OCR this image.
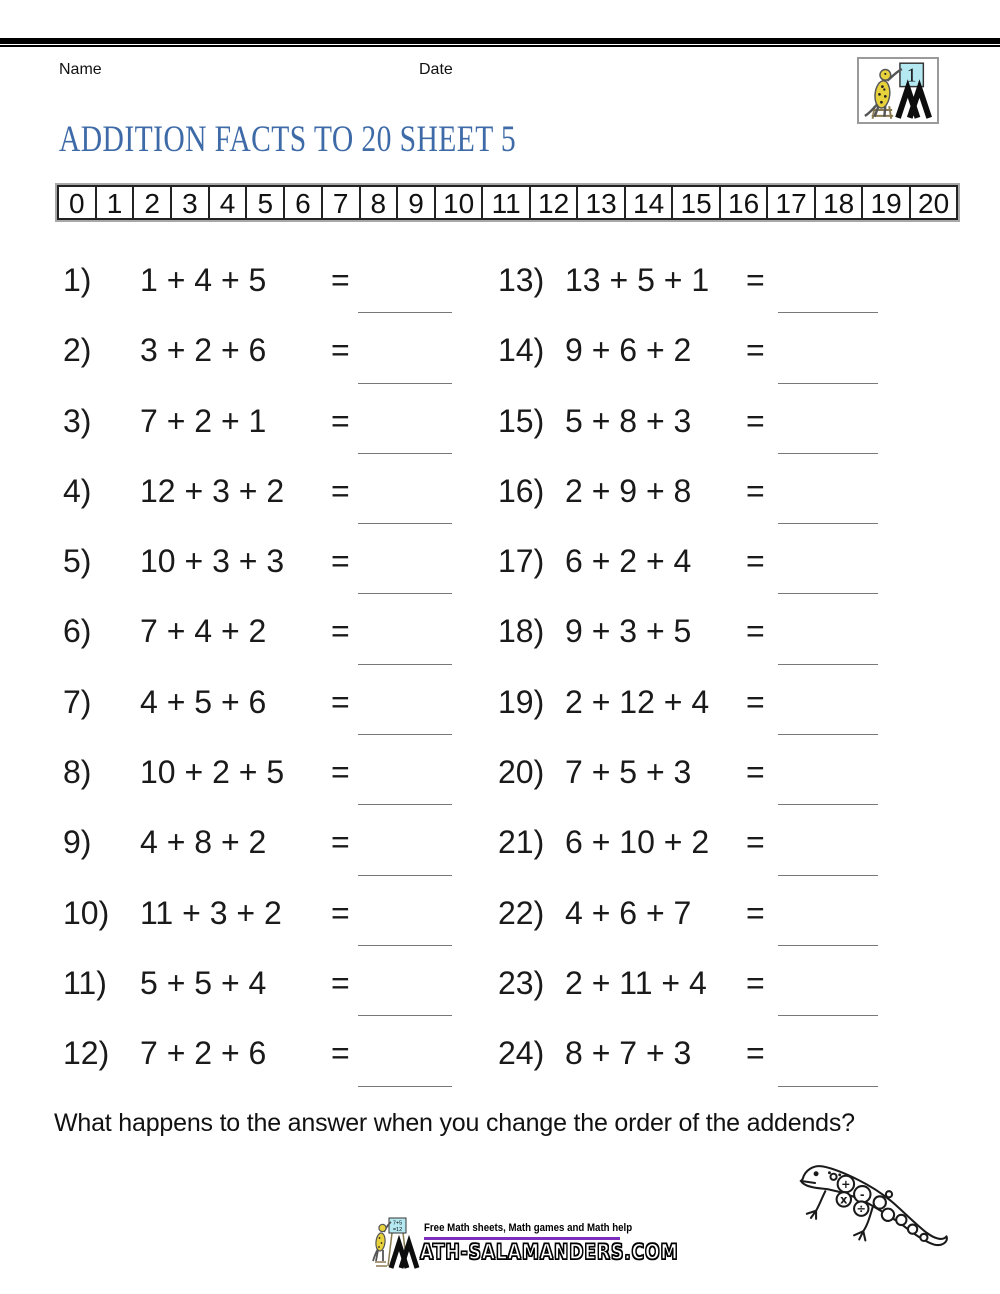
Name	Date	1
ADDITION FACTS TO 20 SHEET 5
0 1 2 3 4 5 6 7 8 9 10 11 12 13 14 15 16 17 18 19 20
1) 1 + 4 + 5 =	13) 13 + 5 + 1 =
2) 3 + 2 + 6 =	14) 9 + 6 + 2 =
3) 7 + 2 + 1 =	15) 5 + 8 + 3 =
4) 12 + 3 + 2 =	16) 2 + 9 + 8 =
5) 10 + 3 + 3 =	17) 6 + 2 + 4 =
6) 7 + 4 + 2 =	18) 9 + 3 + 5 =
7) 4 + 5 + 6 =	19) 2 + 12 + 4 =
8) 10 + 2 + 5 =	20) 7 + 5 + 3 =
9) 4 + 8 + 2 =	21) 6 + 10 + 2 =
10) 11 + 3 + 2 =	22) 4 + 6 + 7 =
11) 5 + 5 + 4 =	23) 2 + 11 + 4 =
12) 7 + 2 + 6 =	24) 8 + 7 + 3 =

What happens to the answer when you change the order of the addends?

7+5
=12 Free Math sheets, Math games and Math help
ATH-SALAMANDERS.COM
+
x -
÷
